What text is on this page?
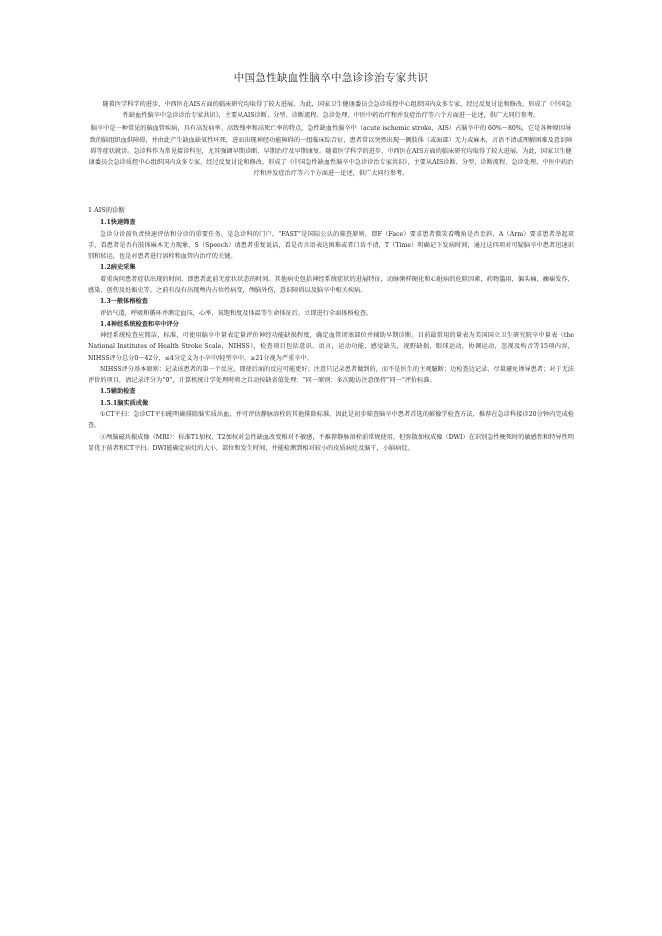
中国急性缺血性脑卒中急诊诊治专家共识

随着医学科学的进步，中西医在AIS方面的临床研究均取得了较大进展。为此，国家卫生健康委员会急诊质控中心组织国内众多专家，经过反复讨论和修改，形成了《中国急性缺血性脑卒中急诊诊治专家共识》，主要从AIS诊断、分型、诊断流程、急诊处理、中医中药治疗和并发症治疗等六个方面进一论述，供广大同行参考。

脑卒中是一种常见的脑血管疾病，具有高发病率、高致残率和高死亡率的特点，急性缺血性脑卒中（acute ischemic stroke，AIS）占脑卒中的 60%～80%，它是各种原因导致的脑组织血供障碍，并由此产生缺血缺氧性坏死，进而出现神经功能障碍的一组临床综合征，患者常以突然出现一侧肢体（或面部）无力或麻木，言语不清或理解困难及意识障碍等症状就诊。急诊科作为常见接诊科室，尤其强调早期诊断、早期治疗及早期康复。随着医学科学的进步，中西医在AIS方面的临床研究均取得了较大进展。为此，国家卫生健康委员会急诊质控中心组织国内众多专家，经过反复讨论和修改，形成了《中国急性缺血性脑卒中急诊诊治专家共识》，主要从AIS诊断、分型、诊断流程、急诊处理、中医中药治疗和并发症治疗等六个方面进一论述，供广大同行参考。

1 AIS的诊断
1.1快速筛查

急诊分诊前负责快速评估和分诊的重要任务，是急诊科的门户。“FAST”是国际公认的筛查原则，即F（Face）要求患者微笑看嘴角是否歪斜，A（Arm）要求患者举起双手，看患者是否有肢体麻木无力现象，S（Speech）请患者重复说话，看是否言语表达困难或者口齿不清，T（Time）明确记下发病时间，通过这四项对可疑脑卒中患者迅速识别和转运，也是对患者进行溶栓和血管内治疗的关键。

1.2病史采集

着重询问患者症状出现的时间，即患者此前无症状状态的时间。其他病史包括神经系统症状的进展特征，动脉粥样硬化和心脏病的危险因素，药物滥用，偏头痛，癫痫发作，感染，创伤及妊娠史等。之前有没有出现颅内占位性病变，颅脑外伤，意识障碍以及脑卒中相关疾病。

1.3一般体格检查

评估气道，呼吸和循环并测定血压，心率，氧饱和度及体温等生命体征后，立即进行全面体格检查。

1.4神经系统检查和卒中评分

神经系统检查应简洁，标准，可使用脑卒中量表定量评价神经功能缺损程度，确定血管闭塞部位并辅助早期诊断。目前最常用的量表为美国国立卫生研究院卒中量表（the National Institutes of Health Stroke Scale，NIHSS），检查项目包括意识，语言，运动功能，感觉缺失，视野缺损，眼球运动，协调运动，忽视及构音等15项内容，NIHSS评分总分0～42分，≤4分定义为小卒中/轻型卒中，≥21分视为严重卒中。

NIHSS评分基本原则：记录该患者的第一个反应，即使后面的反应可能更好；注意只记录患者做到的，而不是医生的主观臆断；边检查边记录，尽量避免诱导患者；对于无法评价的项目，请记录评分为“9”，计算机统计学处理时将之自动按缺省值处理：“同一原则：多次随访注意保持”同一“评价标准。

1.5辅助检查
1.5.1脑实质成像

①CT平扫：急诊CT平扫能明确排除脑实质出血，并可评估静脉溶栓的其他排除标准，因此是初步筛查脑卒中患者首选的影像学检查方法，推荐在急诊科接诊20分钟内完成检查。

②颅脑磁共振成像（MRI）：标准T1加权、T2加权对急性缺血改变相对不敏感，不推荐静脉溶栓前常规使用，但弥散加权成像（DWI）在识别急性梗死时的敏感性和特异性明显优于前者和CT平扫。DWI能确定病灶的大小，部位和发生时间，并能检测到相对较小的皮质病灶及脑干，小脑病灶。
